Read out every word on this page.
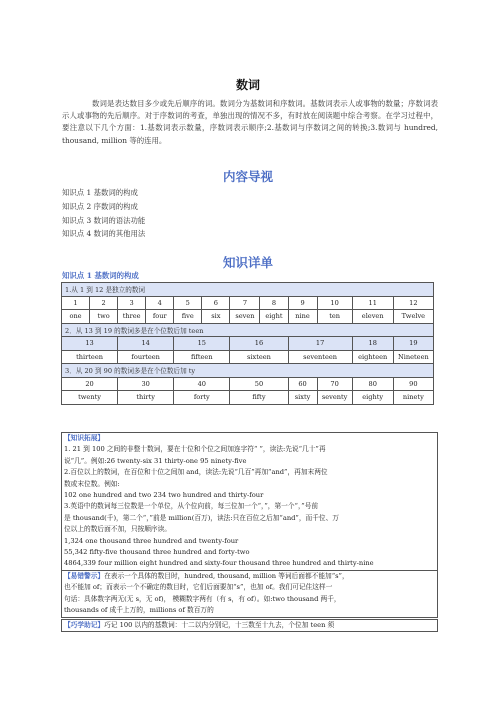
数词
数词是表达数目多少或先后顺序的词。数词分为基数词和序数词。基数词表示人或事物的数量；序数词表示人或事物的先后顺序。对于序数词的考查，单独出现的情况不多，有时放在阅读题中综合考察。在学习过程中，要注意以下几个方面：1.基数词表示数量，序数词表示顺序;2.基数词与序数词之间的转换;3.数词与 hundred, thousand, million 等的连用。
内容导视
知识点 1 基数词的构成
知识点 2 序数词的构成
知识点 3 数词的语法功能
知识点 4 数词的其他用法
知识详单
知识点 1 基数词的构成
1.从 1 到 12 是独立的数词											
1	2	3	4	5	6	7	8	9	10	11	12
one	two	three	four	five	six	seven	eight	nine	ten	eleven	Twelve
2．从 13 到 19 的数词多是在个位数后加 teen											
13		14		15		16		17		18	19
thirteen		fourteen		fifteen		sixteen		seventeen		eighteen	Nineteen
3．从 20 到 90 的数词多是在个位数后加 ty											
20		30		40		50		60	70	80	90
twenty		thirty		forty		fifty		sixty	seventy	eighty	ninety
【知识拓展】
1. 21 到 100 之间的非整十数词，要在十位和个位之间加连字符“ ”，读法:先说“几十”再
说“几”。例如:26 twenty-six 31 thirty-one 95 ninety-five
2.百位以上的数词，在百位和十位之间加 and，读法:先说“几百”再加“and”，再加末两位
数或末位数。例如:
102 one hundred and two 234 two hundred and thirty-four
3.英语中的数词每三位数是一个单位，从个位向前，每三位加一个“，”，第一个“，”号前
是 thousand(千)，第二个“，”前是 million(百万)，读法:只在百位之后加“and”，而千位、万
位以上的数后面不加，只按顺序读。
1,324 one thousand three hundred and twenty-four
55,342 fifty-five thousand three hundred and forty-two
4864,339 four million eight hundred and sixty-four thousand three hundred and thirty-nine
【易错警示】在表示一个具体的数目时，hundred, thousand, million 等词后面都不能加“s”，
也不能加 of；而表示一个不确定的数目时，它们后面要加“s”，也加 of。我们可记住这样一
句话：具体数字两无(无 s，无 of)， 模糊数字两有（有 s，有 of）。如:two thousand 两千，
thousands of 成千上万的，millions of 数百万的
【巧学助记】巧记 100 以内的基数词：十二以内分别记，十三数至十九去，个位加 teen 须
